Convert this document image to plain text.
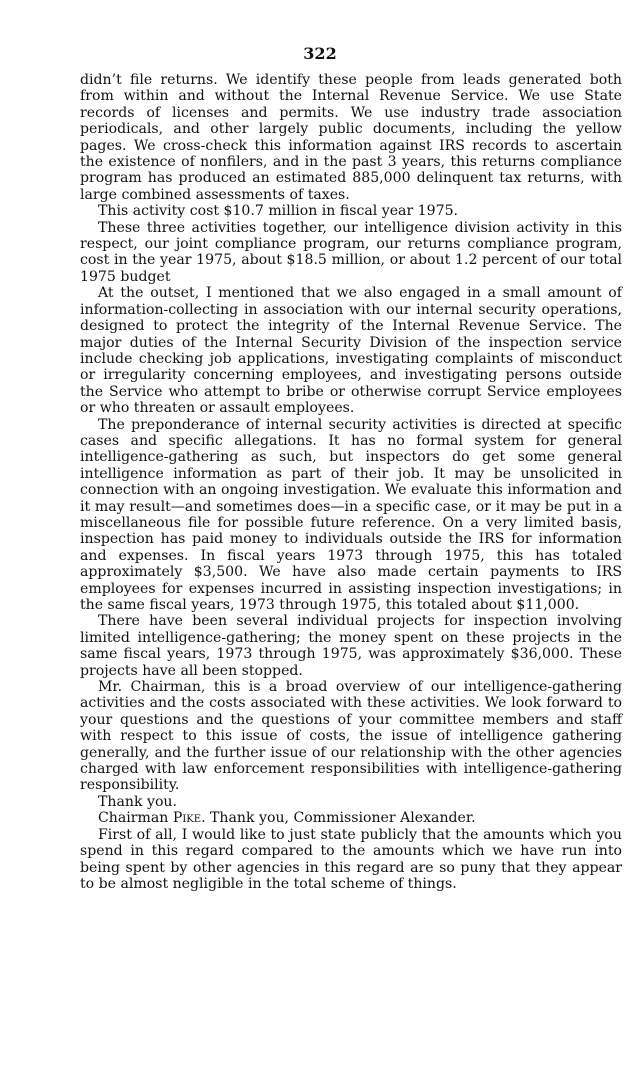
322

didn’t file returns. We identify these people from leads generated both from within and without the Internal Revenue Service. We use State records of licenses and permits. We use industry trade association periodicals, and other largely public documents, including the yellow pages. We cross-check this information against IRS records to ascertain the existence of nonfilers, and in the past 3 years, this returns compliance program has produced an estimated 885,000 delinquent tax returns, with large combined assessments of taxes.

This activity cost $10.7 million in fiscal year 1975.

These three activities together, our intelligence division activity in this respect, our joint compliance program, our returns compliance program, cost in the year 1975, about $18.5 million, or about 1.2 percent of our total 1975 budget

At the outset, I mentioned that we also engaged in a small amount of information-collecting in association with our internal security operations, designed to protect the integrity of the Internal Revenue Service. The major duties of the Internal Security Division of the inspection service include checking job applications, investigating complaints of misconduct or irregularity concerning employees, and investigating persons outside the Service who attempt to bribe or otherwise corrupt Service employees or who threaten or assault employees.

The preponderance of internal security activities is directed at specific cases and specific allegations. It has no formal system for general intelligence-gathering as such, but inspectors do get some general intelligence information as part of their job. It may be unsolicited in connection with an ongoing investigation. We evaluate this information and it may result—and sometimes does—in a specific case, or it may be put in a miscellaneous file for possible future reference. On a very limited basis, inspection has paid money to individuals outside the IRS for information and expenses. In fiscal years 1973 through 1975, this has totaled approximately $3,500. We have also made certain payments to IRS employees for expenses incurred in assisting inspection investigations; in the same fiscal years, 1973 through 1975, this totaled about $11,000.

There have been several individual projects for inspection involving limited intelligence-gathering; the money spent on these projects in the same fiscal years, 1973 through 1975, was approximately $36,000. These projects have all been stopped.

Mr. Chairman, this is a broad overview of our intelligence-gathering activities and the costs associated with these activities. We look forward to your questions and the questions of your committee members and staff with respect to this issue of costs, the issue of intelligence gathering generally, and the further issue of our relationship with the other agencies charged with law enforcement responsibilities with intelligence-gathering responsibility.

Thank you.

Chairman Pike. Thank you, Commissioner Alexander.

First of all, I would like to just state publicly that the amounts which you spend in this regard compared to the amounts which we have run into being spent by other agencies in this regard are so puny that they appear to be almost negligible in the total scheme of things.
